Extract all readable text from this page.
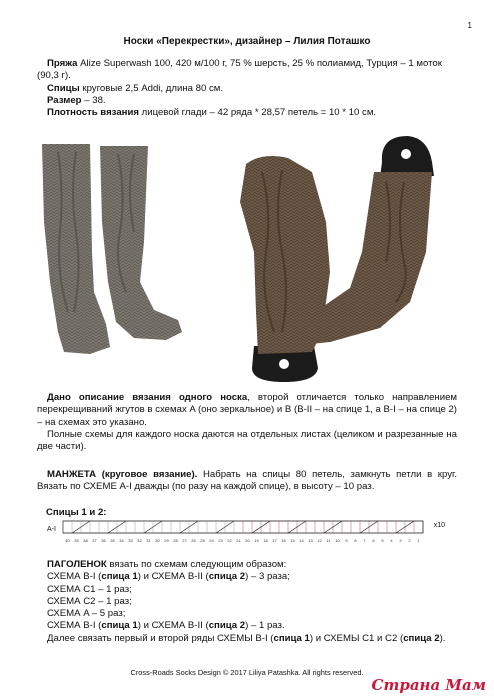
1
Носки «Перекрестки», дизайнер – Лилия Поташко

Пряжа Alize Superwash 100, 420 м/100 г, 75 % шерсть, 25 % полиамид, Турция – 1 моток (90,3 г).

Спицы круговые 2,5 Addi, длина 80 см.

Размер – 38.

Плотность вязания лицевой глади – 42 ряда * 28,57 петель = 10 * 10 см.

Дано описание вязания одного носка, второй отличается только направлением перекрещиваний жгутов в схемах A (оно зеркальное) и B (B-II – на спице 1, а B-I – на спице 2) – на схемах это указано.

Полные схемы для каждого носка даются на отдельных листах (целиком и разрезанные на две части).

МАНЖЕТА (круговое вязание). Набрать на спицы 80 петель, замкнуть петли в круг. Вязать по СХЕМЕ A-I дважды (по разу на каждой спице), в высоту – 10 раз.

Спицы 1 и 2:
40 39 38 37 36 35 34 33 32 31 30 29 28 27 26 25 24 23 22 21 20 19 18 17 16 15 14 13 12 11 10 9 8 7 6 5 4 3 2 1
A-I
x10

ПАГОЛЕНОК вязать по схемам следующим образом:

СХЕМА B-I (спица 1) и СХЕМА B-II (спица 2) – 3 раза;

СХЕМА C1 – 1 раз;

СХЕМА C2 – 1 раз;

СХЕМА A – 5 раз;

СХЕМА B-I (спица 1) и СХЕМА B-II (спица 2) – 1 раз.

Далее связать первый и второй ряды СХЕМЫ B-I (спица 1) и СХЕМЫ C1 и C2 (спица 2).

Cross-Roads Socks Design © 2017 Liliya Patashka. All rights reserved.
Страна Мам
